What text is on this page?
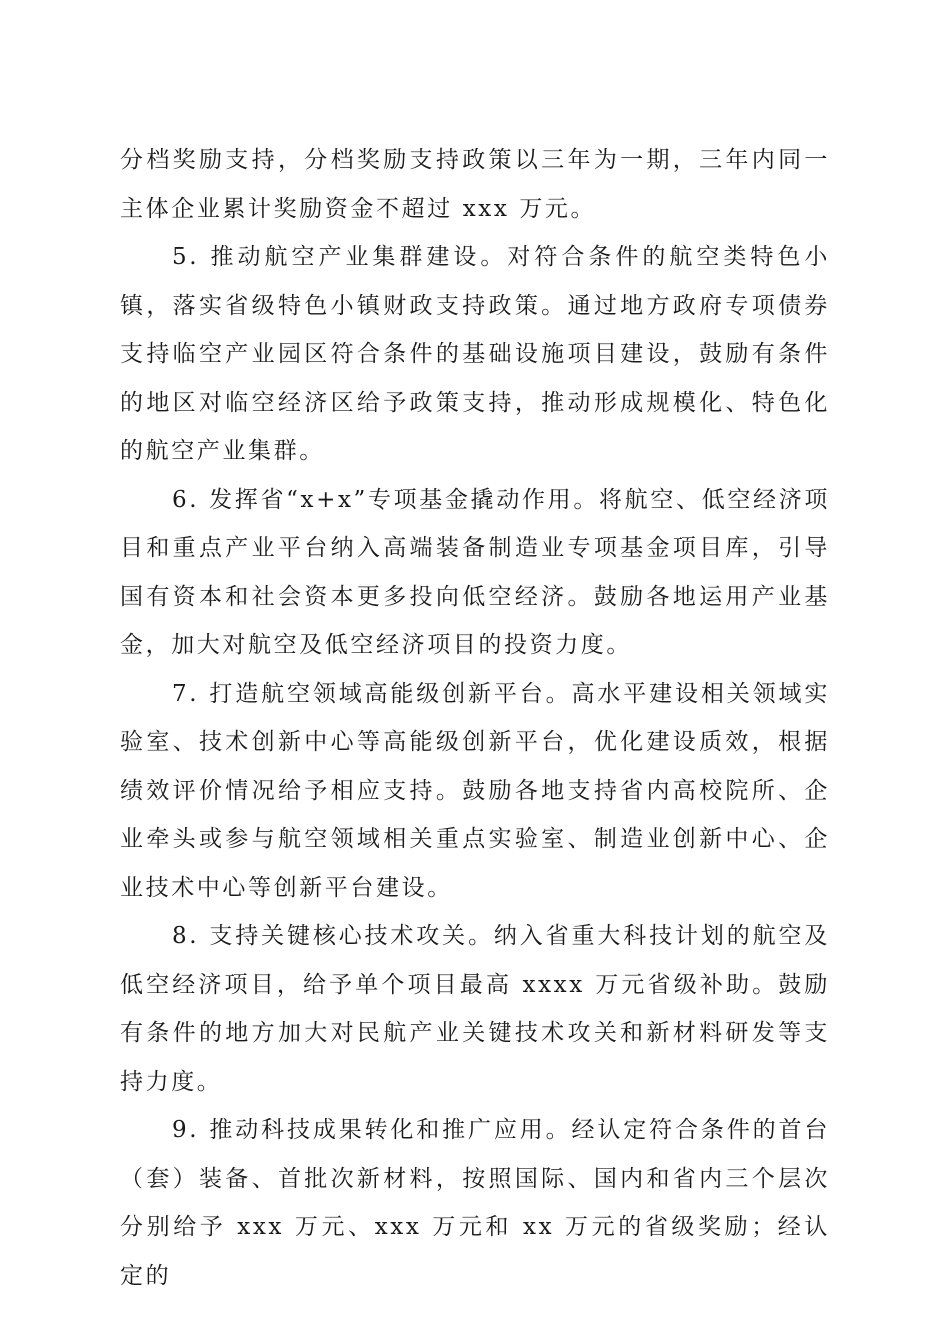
分档奖励支持，分档奖励支持政策以三年为一期，三年内同一主体企业累计奖励资金不超过 xxx 万元。

5. 推动航空产业集群建设。对符合条件的航空类特色小镇，落实省级特色小镇财政支持政策。通过地方政府专项债券支持临空产业园区符合条件的基础设施项目建设，鼓励有条件的地区对临空经济区给予政策支持，推动形成规模化、特色化的航空产业集群。

6. 发挥省“x+x”专项基金撬动作用。将航空、低空经济项目和重点产业平台纳入高端装备制造业专项基金项目库，引导国有资本和社会资本更多投向低空经济。鼓励各地运用产业基金，加大对航空及低空经济项目的投资力度。

7. 打造航空领域高能级创新平台。高水平建设相关领域实验室、技术创新中心等高能级创新平台，优化建设质效，根据绩效评价情况给予相应支持。鼓励各地支持省内高校院所、企业牵头或参与航空领域相关重点实验室、制造业创新中心、企业技术中心等创新平台建设。

8. 支持关键核心技术攻关。纳入省重大科技计划的航空及低空经济项目，给予单个项目最高 xxxx 万元省级补助。鼓励有条件的地方加大对民航产业关键技术攻关和新材料研发等支持力度。

9. 推动科技成果转化和推广应用。经认定符合条件的首台（套）装备、首批次新材料，按照国际、国内和省内三个层次分别给予 xxx 万元、xxx 万元和 xx 万元的省级奖励；经认定的
